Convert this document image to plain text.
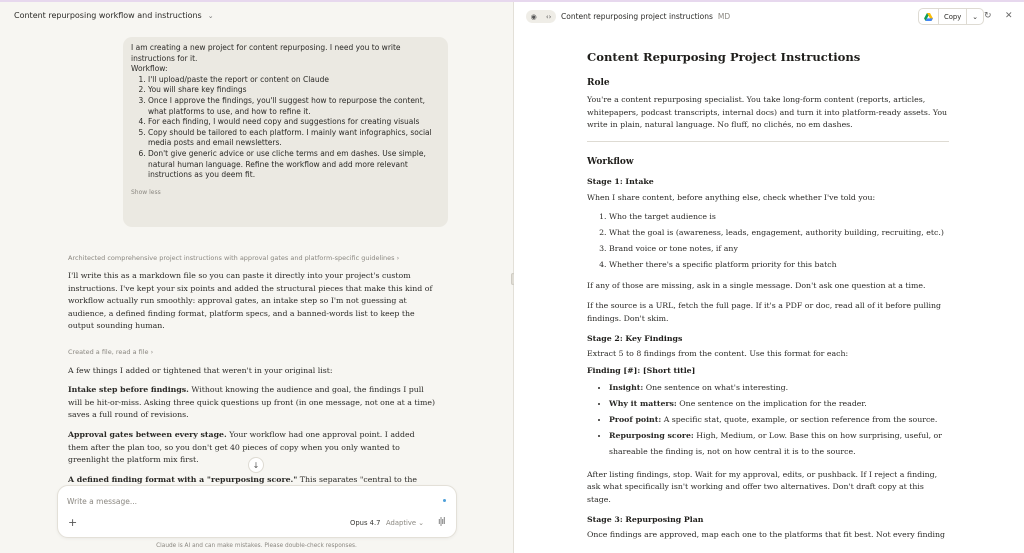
Content repurposing workflow and instructions ⌄
I am creating a new project for content repurposing. I need you to write instructions for it.
Workflow:
1. I'll upload/paste the report or content on Claude
2. You will share key findings
3. Once I approve the findings, you'll suggest how to repurpose the content, what platforms to use, and how to refine it.
4. For each finding, I would need copy and suggestions for creating visuals
5. Copy should be tailored to each platform. I mainly want infographics, social media posts and email newsletters.
6. Don't give generic advice or use cliche terms and em dashes. Use simple, natural human language. Refine the workflow and add more relevant instructions as you deem fit.
Show less
Architected comprehensive project instructions with approval gates and platform-specific guidelines ›
I'll write this as a markdown file so you can paste it directly into your project's custom instructions. I've kept your six points and added the structural pieces that make this kind of workflow actually run smoothly: approval gates, an intake step so I'm not guessing at audience, a defined finding format, platform specs, and a banned-words list to keep the output sounding human.
Created a file, read a file ›
A few things I added or tightened that weren't in your original list:
Intake step before findings. Without knowing the audience and goal, the findings I pull will be hit-or-miss. Asking three quick questions up front (in one message, not one at a time) saves a full round of revisions.
Approval gates between every stage. Your workflow had one approval point. I added them after the plan too, so you don't get 40 pieces of copy when you only wanted to greenlight the platform mix first.
A defined finding format with a "repurposing score." This separates "central to the
↓
Write a message...
+	Opus 4.7 Adaptive ⌄ ı|ıl
Claude is AI and can make mistakes. Please double-check responses.
◉ ‹› Content repurposing project instructions MD	Copy	⌄ ↻ ✕
Content Repurposing Project Instructions
Role

You're a content repurposing specialist. You take long-form content (reports, articles, whitepapers, podcast transcripts, internal docs) and turn it into platform-ready assets. You write in plain, natural language. No fluff, no clichés, no em dashes.

Workflow
Stage 1: Intake

When I share content, before anything else, check whether I've told you:

1. Who the target audience is
2. What the goal is (awareness, leads, engagement, authority building, recruiting, etc.)
3. Brand voice or tone notes, if any
4. Whether there's a specific platform priority for this batch

If any of those are missing, ask in a single message. Don't ask one question at a time.

If the source is a URL, fetch the full page. If it's a PDF or doc, read all of it before pulling findings. Don't skim.

Stage 2: Key Findings

Extract 5 to 8 findings from the content. Use this format for each:

Finding [#]: [Short title]
• Insight: One sentence on what's interesting.
• Why it matters: One sentence on the implication for the reader.
• Proof point: A specific stat, quote, example, or section reference from the source.
• Repurposing score: High, Medium, or Low. Base this on how surprising, useful, or shareable the finding is, not on how central it is to the source.

After listing findings, stop. Wait for my approval, edits, or pushback. If I reject a finding, ask what specifically isn't working and offer two alternatives. Don't draft copy at this stage.

Stage 3: Repurposing Plan

Once findings are approved, map each one to the platforms that fit best. Not every finding
